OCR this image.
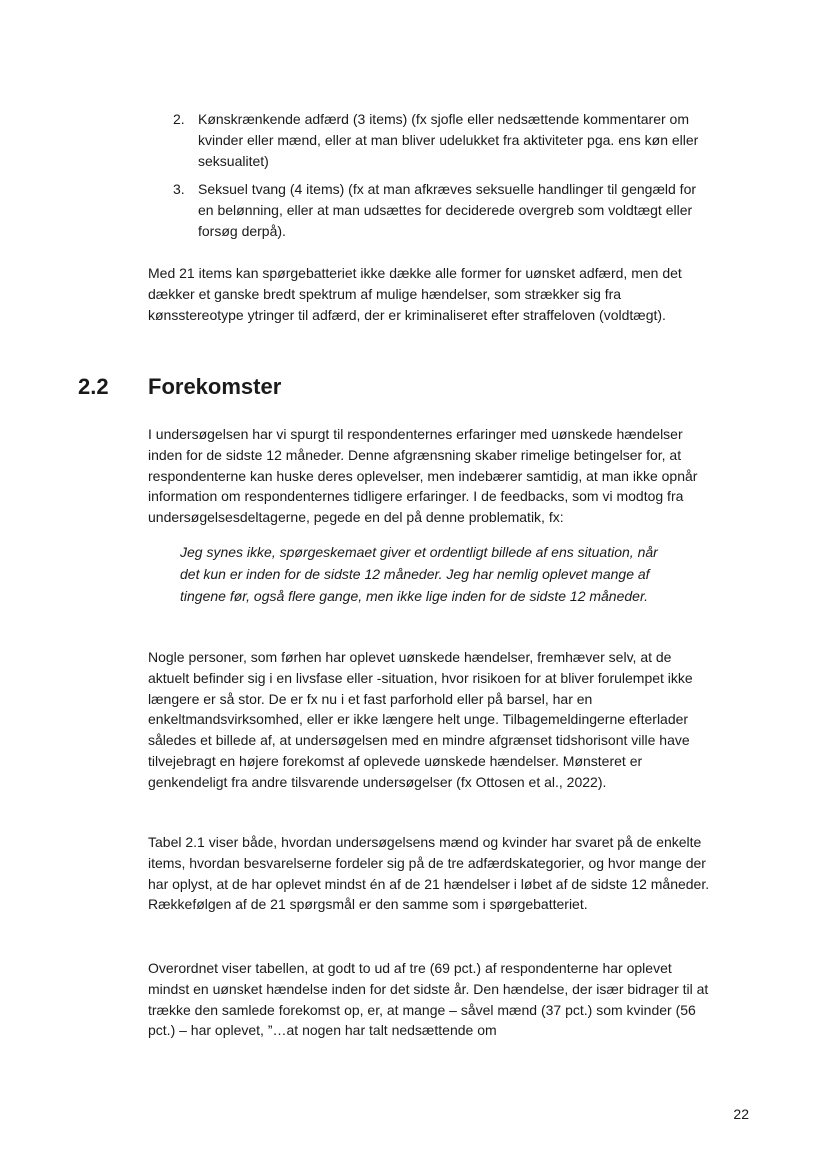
2. Kønskrænkende adfærd (3 items) (fx sjofle eller nedsættende kommentarer om kvinder eller mænd, eller at man bliver udelukket fra aktiviteter pga. ens køn eller seksualitet)
3. Seksuel tvang (4 items) (fx at man afkræves seksuelle handlinger til gengæld for en belønning, eller at man udsættes for deciderede overgreb som voldtægt eller forsøg derpå).

Med 21 items kan spørgebatteriet ikke dække alle former for uønsket adfærd, men det dækker et ganske bredt spektrum af mulige hændelser, som strækker sig fra kønsstereotype ytringer til adfærd, der er kriminaliseret efter straffeloven (voldtægt).

2.2 Forekomster

I undersøgelsen har vi spurgt til respondenternes erfaringer med uønskede hændelser inden for de sidste 12 måneder. Denne afgrænsning skaber rimelige betingelser for, at respondenterne kan huske deres oplevelser, men indebærer samtidig, at man ikke opnår information om respondenternes tidligere erfaringer. I de feedbacks, som vi modtog fra undersøgelsesdeltagerne, pegede en del på denne problematik, fx:

Jeg synes ikke, spørgeskemaet giver et ordentligt billede af ens situation, når det kun er inden for de sidste 12 måneder. Jeg har nemlig oplevet mange af tingene før, også flere gange, men ikke lige inden for de sidste 12 måneder.

Nogle personer, som førhen har oplevet uønskede hændelser, fremhæver selv, at de aktuelt befinder sig i en livsfase eller -situation, hvor risikoen for at bliver forulempet ikke længere er så stor. De er fx nu i et fast parforhold eller på barsel, har en enkeltmandsvirksomhed, eller er ikke længere helt unge. Tilbagemeldingerne efterlader således et billede af, at undersøgelsen med en mindre afgrænset tidshorisont ville have tilvejebragt en højere forekomst af oplevede uønskede hændelser. Mønsteret er genkendeligt fra andre tilsvarende undersøgelser (fx Ottosen et al., 2022).

Tabel 2.1 viser både, hvordan undersøgelsens mænd og kvinder har svaret på de enkelte items, hvordan besvarelserne fordeler sig på de tre adfærdskategorier, og hvor mange der har oplyst, at de har oplevet mindst én af de 21 hændelser i løbet af de sidste 12 måneder. Rækkefølgen af de 21 spørgsmål er den samme som i spørgebatteriet.

Overordnet viser tabellen, at godt to ud af tre (69 pct.) af respondenterne har oplevet mindst en uønsket hændelse inden for det sidste år. Den hændelse, der især bidrager til at trække den samlede forekomst op, er, at mange – såvel mænd (37 pct.) som kvinder (56 pct.) – har oplevet, ”…at nogen har talt nedsættende om

22
